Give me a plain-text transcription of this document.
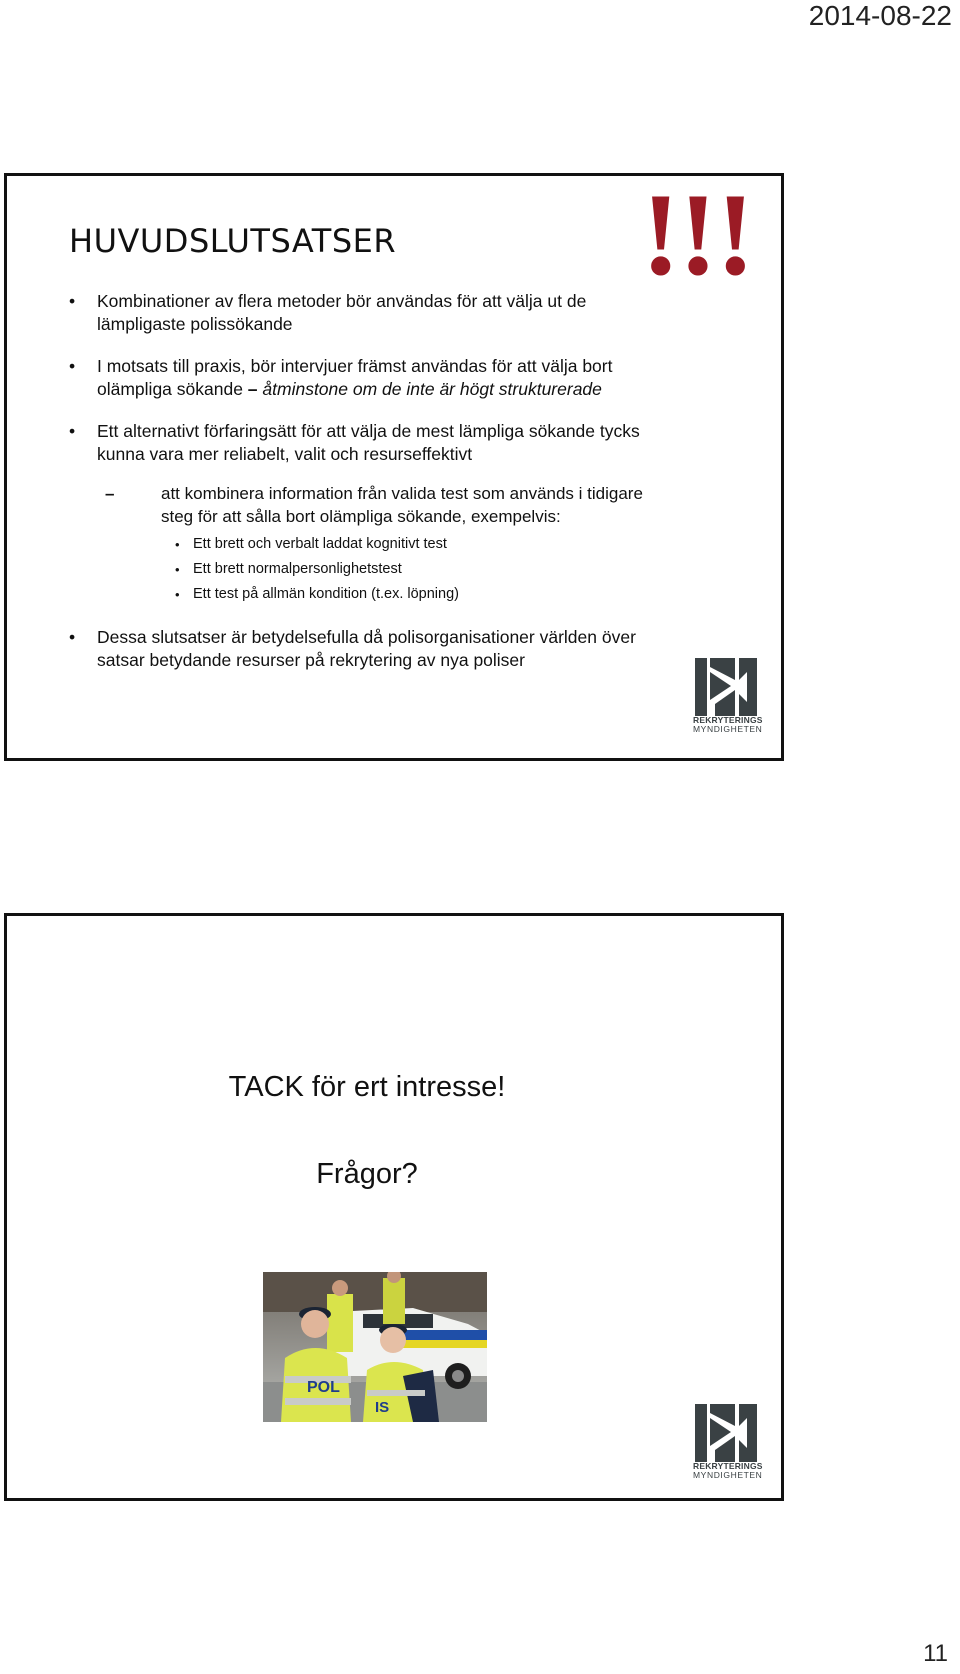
2014-08-22
!!!
HUVUDSLUTSATSER
• Kombinationer av flera metoder bör användas för att välja ut de lämpligaste polissökande
• I motsats till praxis, bör intervjuer främst användas för att välja bort olämpliga sökande – åtminstone om de inte är högt strukturerade
• Ett alternativt förfaringsätt för att välja de mest lämpliga sökande tycks kunna vara mer reliabelt, valit och resurseffektivt
– att kombinera information från valida test som används i tidigare steg för att sålla bort olämpliga sökande, exempelvis:
• Ett brett och verbalt laddat kognitivt test
• Ett brett normalpersonlighetstest
• Ett test på allmän kondition (t.ex. löpning)
• Dessa slutsatser är betydelsefulla då polisorganisationer världen över satsar betydande resurser på rekrytering av nya poliser
REKRYTERINGS
MYNDIGHETEN
TACK för ert intresse!
Frågor?
POL
IS
REKRYTERINGS
MYNDIGHETEN
11
